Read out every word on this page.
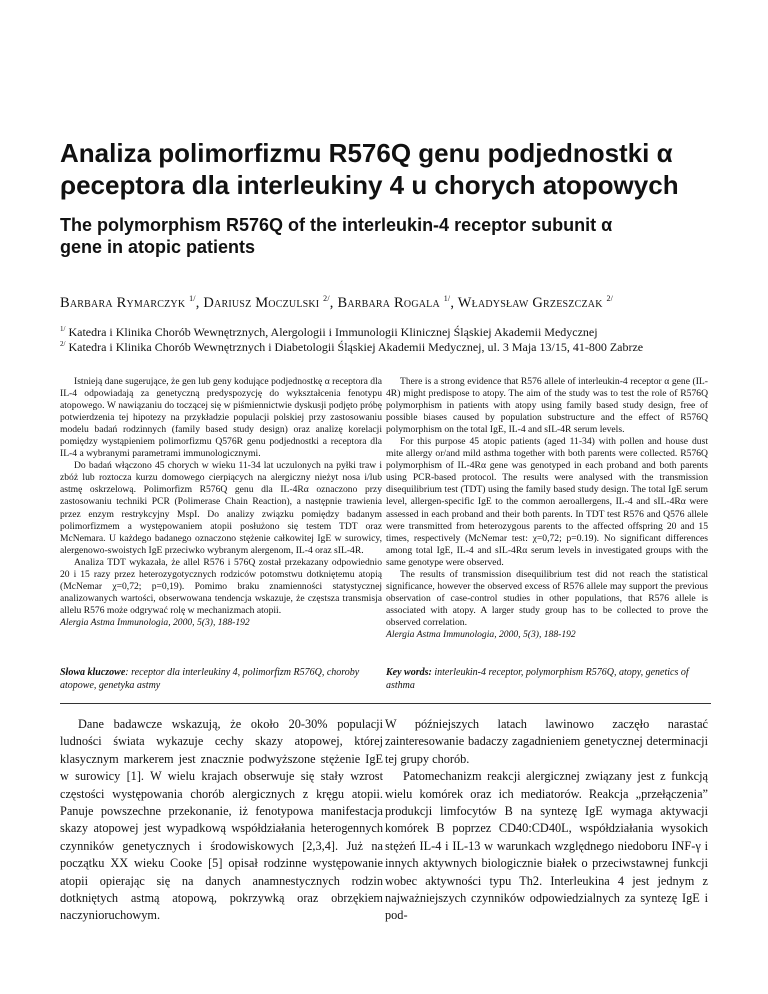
Analiza polimorfizmu R576Q genu podjednostki α ρeceptora dla interleukiny 4 u chorych atopowych
The polymorphism R576Q of the interleukin-4 receptor subunit α gene in atopic patients
Barbara Rymarczyk $^{1/}$, Dariusz Moczulski $^{2/}$, Barbara Rogala $^{1/}$, Władysław Grzeszczak $^{2/}$
$^{1/}$ Katedra i Klinika Chorób Wewnętrznych, Alergologii i Immunologii Klinicznej Śląskiej Akademii Medycznej
$^{2/}$ Katedra i Klinika Chorób Wewnętrznych i Diabetologii Śląskiej Akademii Medycznej, ul. 3 Maja 13/15, 41-800 Zabrze

Istnieją dane sugerujące, że gen lub geny kodujące podjednostkę α receptora dla IL-4 odpowiadają za genetyczną predyspozycję do wykształcenia fenotypu atopowego. W nawiązaniu do toczącej się w piśmiennictwie dyskusji podjęto próbę potwierdzenia tej hipotezy na przykładzie populacji polskiej przy zastosowaniu modelu badań rodzinnych (family based study design) oraz analizę korelacji pomiędzy wystąpieniem polimorfizmu Q576R genu podjednostki a receptora dla IL-4 a wybranymi parametrami immunologicznymi.

Do badań włączono 45 chorych w wieku 11-34 lat uczulonych na pyłki traw i zbóż lub roztocza kurzu domowego cierpiących na alergiczny nieżyt nosa i/lub astmę oskrzelową. Polimorfizm R576Q genu dla IL-4Rα oznaczono przy zastosowaniu techniki PCR (Polimerase Chain Reaction), a następnie trawienia przez enzym restrykcyjny MspI. Do analizy związku pomiędzy badanym polimorfizmem a występowaniem atopii posłużono się testem TDT oraz McNemara. U każdego badanego oznaczono stężenie całkowitej IgE w surowicy, alergenowo-swoistych IgE przeciwko wybranym alergenom, IL-4 oraz sIL-4R.

Analiza TDT wykazała, że allel R576 i 576Q został przekazany odpowiednio 20 i 15 razy przez heterozygotycznych rodziców potomstwu dotkniętemu atopią (McNemar χ=0,72; p=0,19). Pomimo braku znamienności statystycznej analizowanych wartości, obserwowana tendencja wskazuje, że częstsza transmisja allelu R576 może odgrywać rolę w mechanizmach atopii.

Alergia Astma Immunologia, 2000, 5(3), 188-192

There is a strong evidence that R576 allele of interleukin-4 receptor α gene (IL-4R) might predispose to atopy. The aim of the study was to test the role of R576Q polymorphism in patients with atopy using family based study design, free of possible biases caused by population substructure and the effect of R576Q polymorphism on the total IgE, IL-4 and sIL-4R serum levels.

For this purpose 45 atopic patients (aged 11-34) with pollen and house dust mite allergy or/and mild asthma together with both parents were collected. R576Q polymorphism of IL-4Rα gene was genotyped in each proband and both parents using PCR-based protocol. The results were analysed with the transmission disequilibrium test (TDT) using the family based study design. The total IgE serum level, allergen-specific IgE to the common aeroallergens, IL-4 and sIL-4Rα were assessed in each proband and their both parents. In TDT test R576 and Q576 allele were transmitted from heterozygous parents to the affected offspring 20 and 15 times, respectively (McNemar test: χ=0,72; p=0.19). No significant differences among total IgE, IL-4 and sIL-4Rα serum levels in investigated groups with the same genotype were observed.

The results of transmission disequilibrium test did not reach the statistical significance, however the observed excess of R576 allele may support the previous observation of case-control studies in other populations, that R576 allele is associated with atopy. A larger study group has to be collected to prove the observed correlation.

Alergia Astma Immunologia, 2000, 5(3), 188-192

Słowa kluczowe: receptor dla interleukiny 4, polimorfizm R576Q, choroby atopowe, genetyka astmy
Key words: interleukin-4 receptor, polymorphism R576Q, atopy, genetics of asthma

Dane badawcze wskazują, że około 20-30% populacji ludności świata wykazuje cechy skazy atopowej, której klasycznym markerem jest znacznie podwyższone stężenie IgE w surowicy [1]. W wielu krajach obserwuje się stały wzrost częstości występowania chorób alergicznych z kręgu atopii. Panuje powszechne przekonanie, iż fenotypowa manifestacja skazy atopowej jest wypadkową współdziałania heterogennych czynników genetycznych i środowiskowych [2,3,4]. Już na początku XX wieku Cooke [5] opisał rodzinne występowanie atopii opierając się na danych anamnestycznych rodzin dotkniętych astmą atopową, pokrzywką oraz obrzękiem naczynioruchowym.

W późniejszych latach lawinowo zaczęło narastać zainteresowanie badaczy zagadnieniem genetycznej determinacji tej grupy chorób.

Patomechanizm reakcji alergicznej związany jest z funkcją wielu komórek oraz ich mediatorów. Reakcja „przełączenia” produkcji limfocytów B na syntezę IgE wymaga aktywacji komórek B poprzez CD40:CD40L, współdziałania wysokich stężeń IL-4 i IL-13 w warunkach względnego niedoboru INF-γ i innych aktywnych biologicznie białek o przeciwstawnej funkcji wobec aktywności typu Th2. Interleukina 4 jest jednym z najważniejszych czynników odpowiedzialnych za syntezę IgE i pod-
